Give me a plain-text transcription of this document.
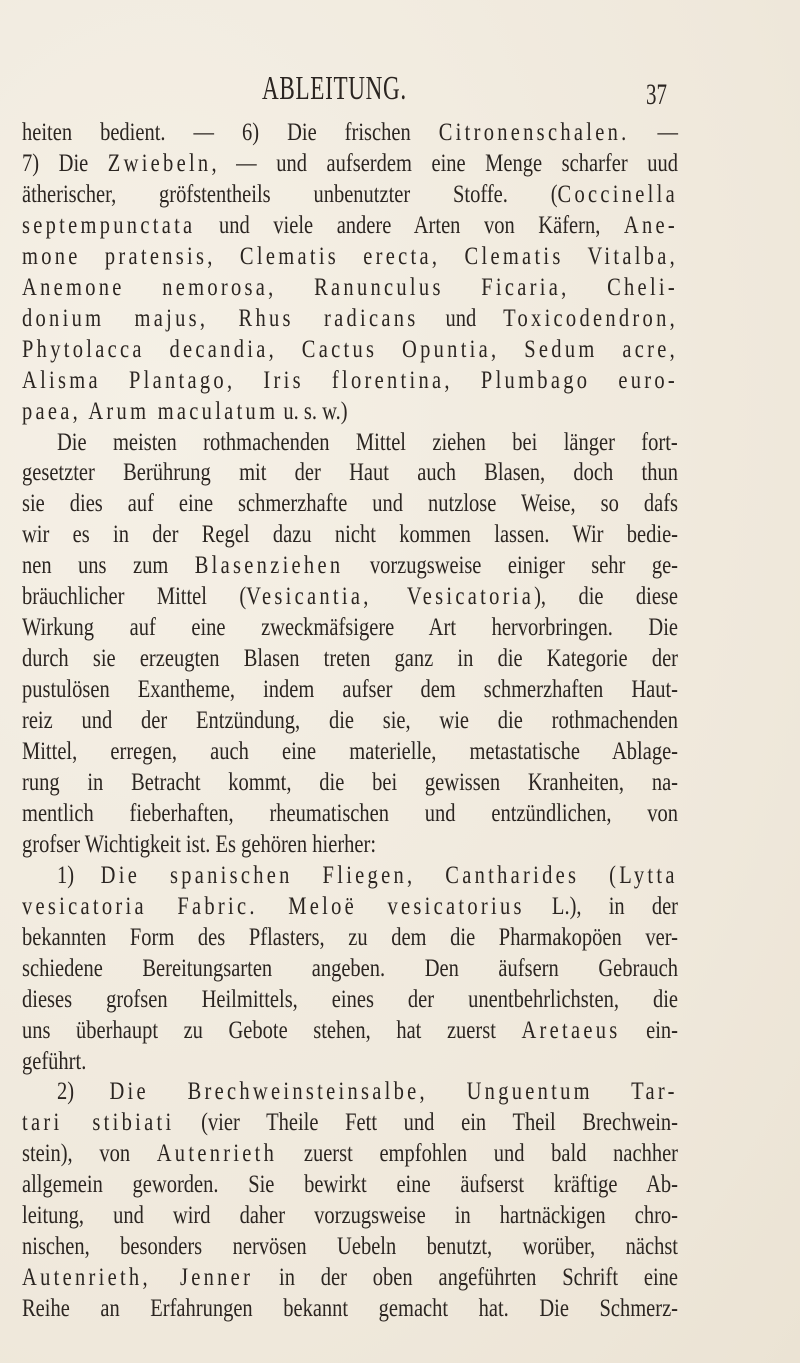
ABLEITUNG.	37
heiten bedient. — 6) Die frischen Citronenschalen. —
7) Die Zwiebeln, — und aufserdem eine Menge scharfer uud
ätherischer, gröfstentheils unbenutzter Stoffe. (Coccinella
septempunctata und viele andere Arten von Käfern, Ane-
mone pratensis, Clematis erecta, Clematis Vitalba,
Anemone nemorosa, Ranunculus Ficaria, Cheli-
donium majus, Rhus radicans und Toxicodendron,
Phytolacca decandia, Cactus Opuntia, Sedum acre,
Alisma Plantago, Iris florentina, Plumbago euro-
paea, Arum maculatum u. s. w.)
Die meisten rothmachenden Mittel ziehen bei länger fort-
gesetzter Berührung mit der Haut auch Blasen, doch thun
sie dies auf eine schmerzhafte und nutzlose Weise, so dafs
wir es in der Regel dazu nicht kommen lassen. Wir bedie-
nen uns zum Blasenziehen vorzugsweise einiger sehr ge-
bräuchlicher Mittel (Vesicantia, Vesicatoria), die diese
Wirkung auf eine zweckmäfsigere Art hervorbringen. Die
durch sie erzeugten Blasen treten ganz in die Kategorie der
pustulösen Exantheme, indem aufser dem schmerzhaften Haut-
reiz und der Entzündung, die sie, wie die rothmachenden
Mittel, erregen, auch eine materielle, metastatische Ablage-
rung in Betracht kommt, die bei gewissen Kranheiten, na-
mentlich fieberhaften, rheumatischen und entzündlichen, von
grofser Wichtigkeit ist. Es gehören hierher:
1) Die spanischen Fliegen, Cantharides (Lytta
vesicatoria Fabric. Meloë vesicatorius L.), in der
bekannten Form des Pflasters, zu dem die Pharmakopöen ver-
schiedene Bereitungsarten angeben. Den äufsern Gebrauch
dieses grofsen Heilmittels, eines der unentbehrlichsten, die
uns überhaupt zu Gebote stehen, hat zuerst Aretaeus ein-
geführt.
2) Die Brechweinsteinsalbe, Unguentum Tar-
tari stibiati (vier Theile Fett und ein Theil Brechwein-
stein), von Autenrieth zuerst empfohlen und bald nachher
allgemein geworden. Sie bewirkt eine äufserst kräftige Ab-
leitung, und wird daher vorzugsweise in hartnäckigen chro-
nischen, besonders nervösen Uebeln benutzt, worüber, nächst
Autenrieth, Jenner in der oben angeführten Schrift eine
Reihe an Erfahrungen bekannt gemacht hat. Die Schmerz-
